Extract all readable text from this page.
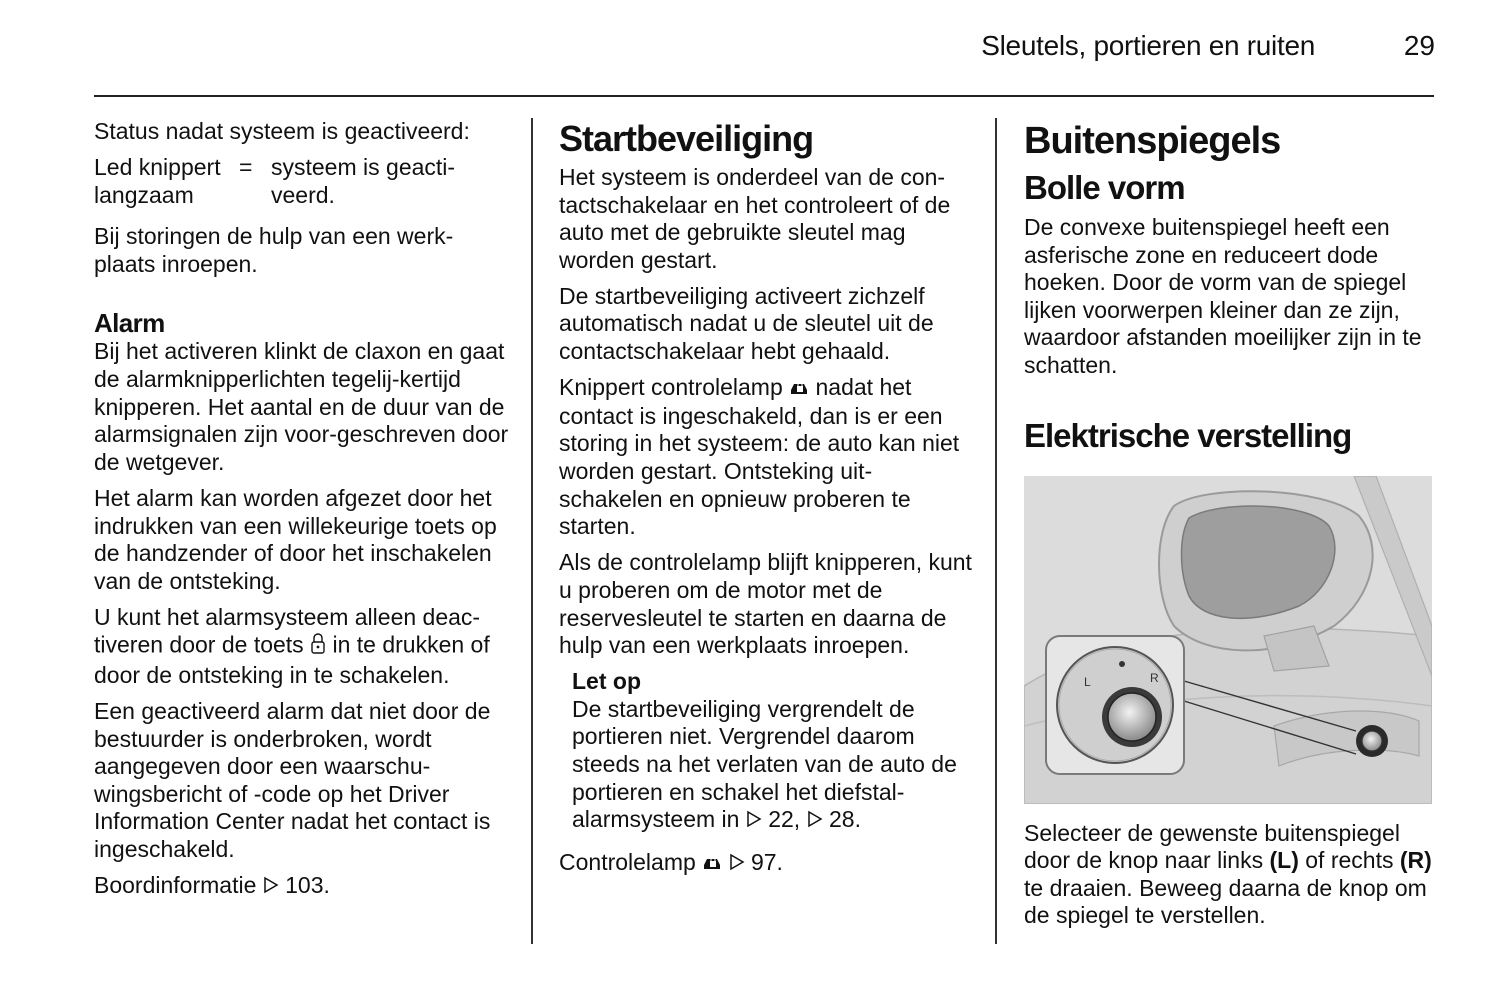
Sleutels, portieren en ruiten	29

Status nadat systeem is geactiveerd:

Led knippert langzaam
= systeem is geacti-veerd.

Bij storingen de hulp van een werk-plaats inroepen.

Alarm

Bij het activeren klinkt de claxon en gaat de alarmknipperlichten tegelij-kertijd knipperen. Het aantal en de duur van de alarmsignalen zijn voor-geschreven door de wetgever.

Het alarm kan worden afgezet door het indrukken van een willekeurige toets op de handzender of door het inschakelen van de ontsteking.

U kunt het alarmsysteem alleen deac-tiveren door de toets in te drukken of door de ontsteking in te schakelen.

Een geactiveerd alarm dat niet door de bestuurder is onderbroken, wordt aangegeven door een waarschu-wingsbericht of -code op het Driver Information Center nadat het contact is ingeschakeld.

Boordinformatie 103.

Startbeveiliging

Het systeem is onderdeel van de con-tactschakelaar en het controleert of de auto met de gebruikte sleutel mag worden gestart.

De startbeveiliging activeert zichzelf automatisch nadat u de sleutel uit de contactschakelaar hebt gehaald.

Knippert controlelamp nadat het contact is ingeschakeld, dan is er een storing in het systeem: de auto kan niet worden gestart. Ontsteking uit-schakelen en opnieuw proberen te starten.

Als de controlelamp blijft knipperen, kunt u proberen om de motor met de reservesleutel te starten en daarna de hulp van een werkplaats inroepen.

Let op

De startbeveiliging vergrendelt de portieren niet. Vergrendel daarom steeds na het verlaten van de auto de portieren en schakel het diefstal-alarmsysteem in 22, 28.

Controlelamp 97.

Buitenspiegels
Bolle vorm

De convexe buitenspiegel heeft een asferische zone en reduceert dode hoeken. Door de vorm van de spiegel lijken voorwerpen kleiner dan ze zijn, waardoor afstanden moeilijker zijn in te schatten.

Elektrische verstelling
L	R

Selecteer de gewenste buitenspiegel door de knop naar links (L) of rechts (R) te draaien. Beweeg daarna de knop om de spiegel te verstellen.
